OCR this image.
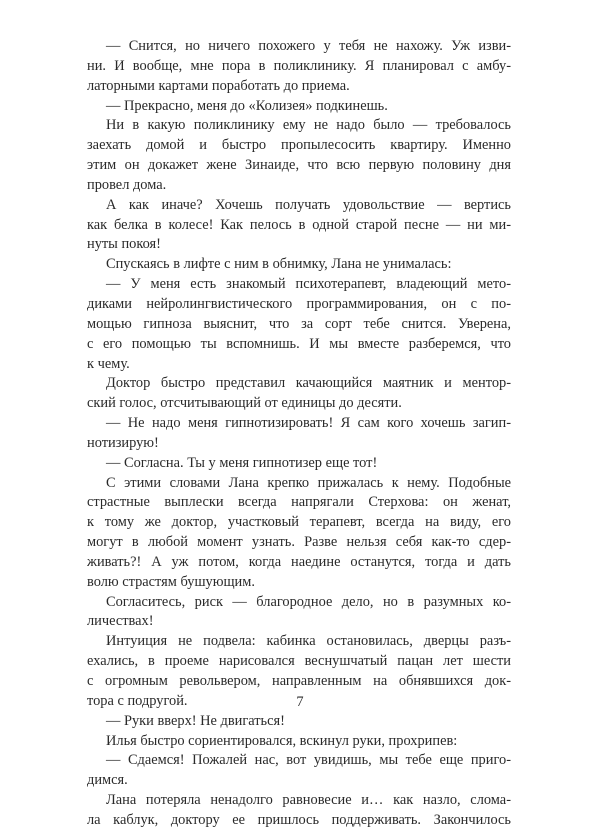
— Снится, но ничего похожего у тебя не нахожу. Уж изви-
ни. И вообще, мне пора в поликлинику. Я планировал с амбу-
латорными картами поработать до приема.
— Прекрасно, меня до «Колизея» подкинешь.
Ни в какую поликлинику ему не надо было — требовалось
заехать домой и быстро пропылесосить квартиру. Именно
этим он докажет жене Зинаиде, что всю первую половину дня
провел дома.
А как иначе? Хочешь получать удовольствие — вертись
как белка в колесе! Как пелось в одной старой песне — ни ми-
нуты покоя!
Спускаясь в лифте с ним в обнимку, Лана не унималась:
— У меня есть знакомый психотерапевт, владеющий мето-
диками нейролингвистического программирования, он с по-
мощью гипноза выяснит, что за сорт тебе снится. Уверена,
с его помощью ты вспомнишь. И мы вместе разберемся, что
к чему.
Доктор быстро представил качающийся маятник и ментор-
ский голос, отсчитывающий от единицы до десяти.
— Не надо меня гипнотизировать! Я сам кого хочешь загип-
нотизирую!
— Согласна. Ты у меня гипнотизер еще тот!
С этими словами Лана крепко прижалась к нему. Подобные
страстные выплески всегда напрягали Стерхова: он женат,
к тому же доктор, участковый терапевт, всегда на виду, его
могут в любой момент узнать. Разве нельзя себя как-то сдер-
живать?! А уж потом, когда наедине останутся, тогда и дать
волю страстям бушующим.
Согласитесь, риск — благородное дело, но в разумных ко-
личествах!
Интуиция не подвела: кабинка остановилась, дверцы разъ-
ехались, в проеме нарисовался веснушчатый пацан лет шести
с огромным револьвером, направленным на обнявшихся док-
тора с подругой.
— Руки вверх! Не двигаться!
Илья быстро сориентировался, вскинул руки, прохрипев:
— Сдаемся! Пожалей нас, вот увидишь, мы тебе еще приго-
димся.
Лана потеряла ненадолго равновесие и… как назло, слома-
ла каблук, доктору ее пришлось поддерживать. Закончилось
7
